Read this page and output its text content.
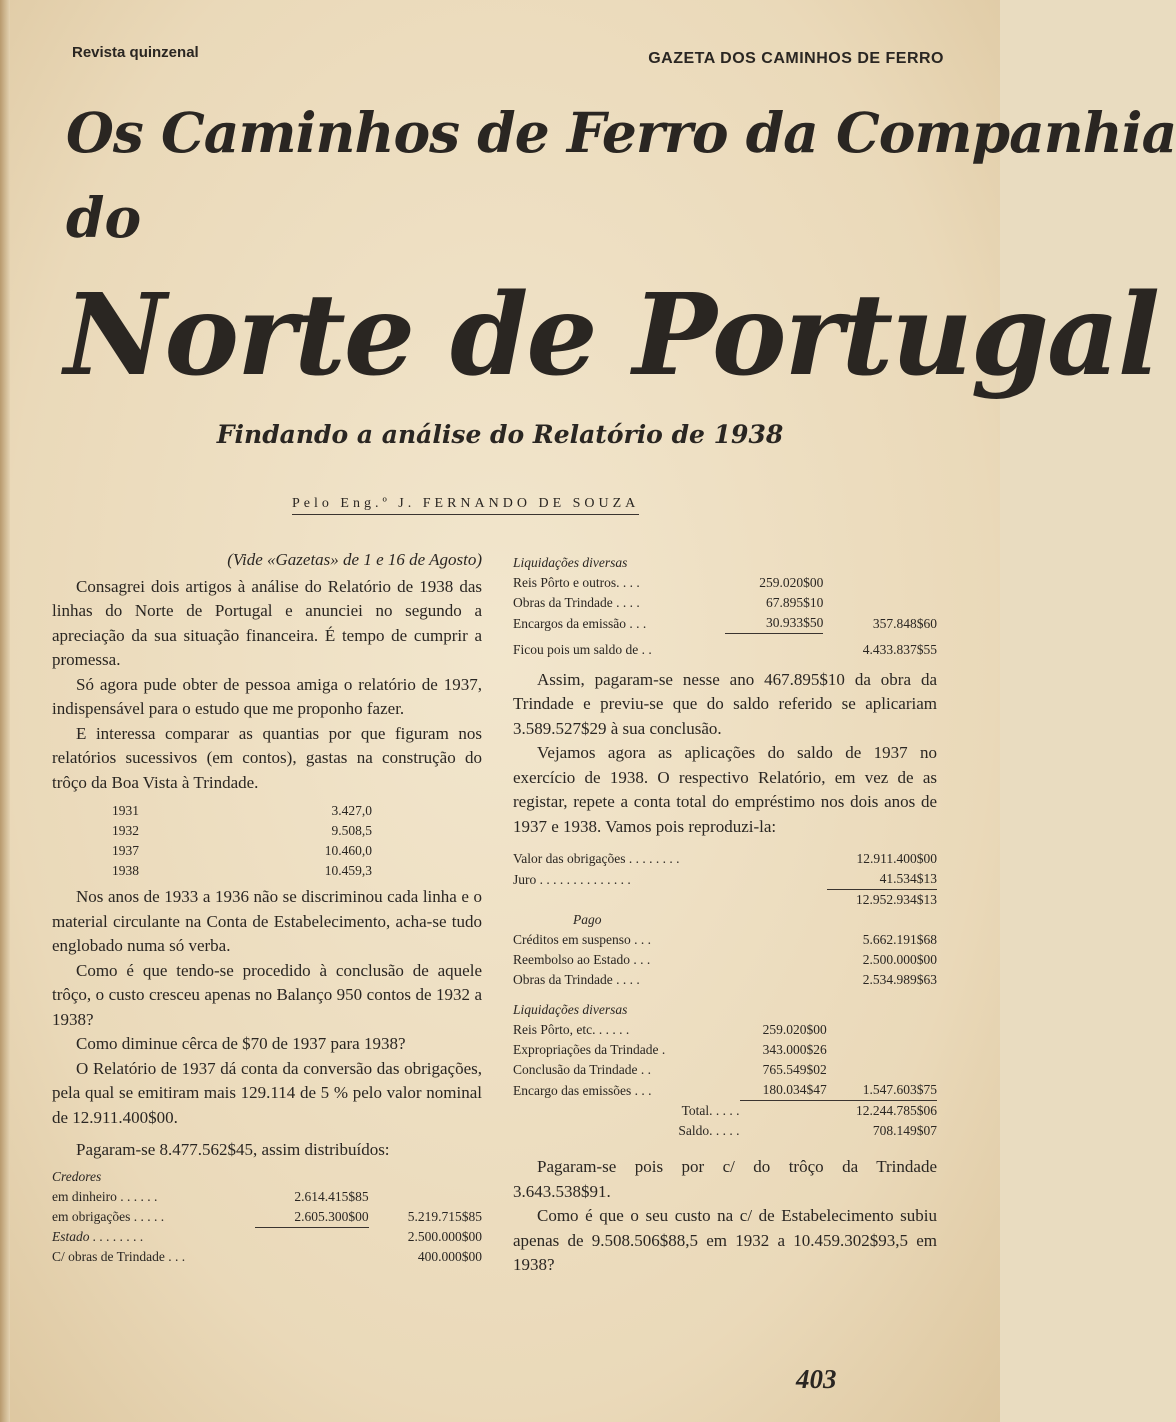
Revista quinzenal	GAZETA DOS CAMINHOS DE FERRO
Os Caminhos de Ferro da Companhia
do
Norte de Portugal
Findando a análise do Relatório de 1938
Pelo Eng.º J. FERNANDO DE SOUZA

(Vide «Gazetas» de 1 e 16 de Agosto)

Consagrei dois artigos à análise do Relatório de 1938 das linhas do Norte de Portugal e anunciei no segundo a apreciação da sua situação financeira. É tempo de cumprir a promessa.

Só agora pude obter de pessoa amiga o relatório de 1937, indispensável para o estudo que me proponho fazer.

E interessa comparar as quantias por que figuram nos relatórios sucessivos (em contos), gastas na construção do trôço da Boa Vista à Trindade.

1931	3.427,0
1932	9.508,5
1937	10.460,0
1938	10.459,3

Nos anos de 1933 a 1936 não se discriminou cada linha e o material circulante na Conta de Estabelecimento, acha-se tudo englobado numa só verba.

Como é que tendo-se procedido à conclusão de aquele trôço, o custo cresceu apenas no Balanço 950 contos de 1932 a 1938?

Como diminue cêrca de $70 de 1937 para 1938?

O Relatório de 1937 dá conta da conversão das obrigações, pela qual se emitiram mais 129.114 de 5 % pelo valor nominal de 12.911.400$00.

Pagaram-se 8.477.562$45, assim distribuídos:

Credores		
em dinheiro . . . . . .	2.614.415$85	
em obrigações . . . . .	2.605.300$00	5.219.715$85
Estado . . . . . . . .		2.500.000$00
C/ obras de Trindade . . .		400.000$00
Liquidações diversas		
Reis Pôrto e outros. . . .	259.020$00	
Obras da Trindade . . . .	67.895$10	
Encargos da emissão . . .	30.933$50	357.848$60
Ficou pois um saldo de . .		4.433.837$55

Assim, pagaram-se nesse ano 467.895$10 da obra da Trindade e previu-se que do saldo referido se aplicariam 3.589.527$29 à sua conclusão.

Vejamos agora as aplicações do saldo de 1937 no exercício de 1938. O respectivo Relatório, em vez de as registar, repete a conta total do empréstimo nos dois anos de 1937 e 1938. Vamos pois reproduzi-la:

Valor das obrigações . . . . . . . .		12.911.400$00
Juro . . . . . . . . . . . . . .		41.534$13
		12.952.934$13
Pago		
Créditos em suspenso . . .		5.662.191$68
Reembolso ao Estado . . .		2.500.000$00
Obras da Trindade . . . .		2.534.989$63
Liquidações diversas		
Reis Pôrto, etc. . . . . .	259.020$00	
Expropriações da Trindade .	343.000$26	
Conclusão da Trindade . .	765.549$02	
Encargo das emissões . . .	180.034$47	1.547.603$75
Total. . . . .		12.244.785$06
Saldo. . . . .		708.149$07

Pagaram-se pois por c/ do trôço da Trindade 3.643.538$91.

Como é que o seu custo na c/ de Estabelecimento subiu apenas de 9.508.506$88,5 em 1932 a 10.459.302$93,5 em 1938?

403
